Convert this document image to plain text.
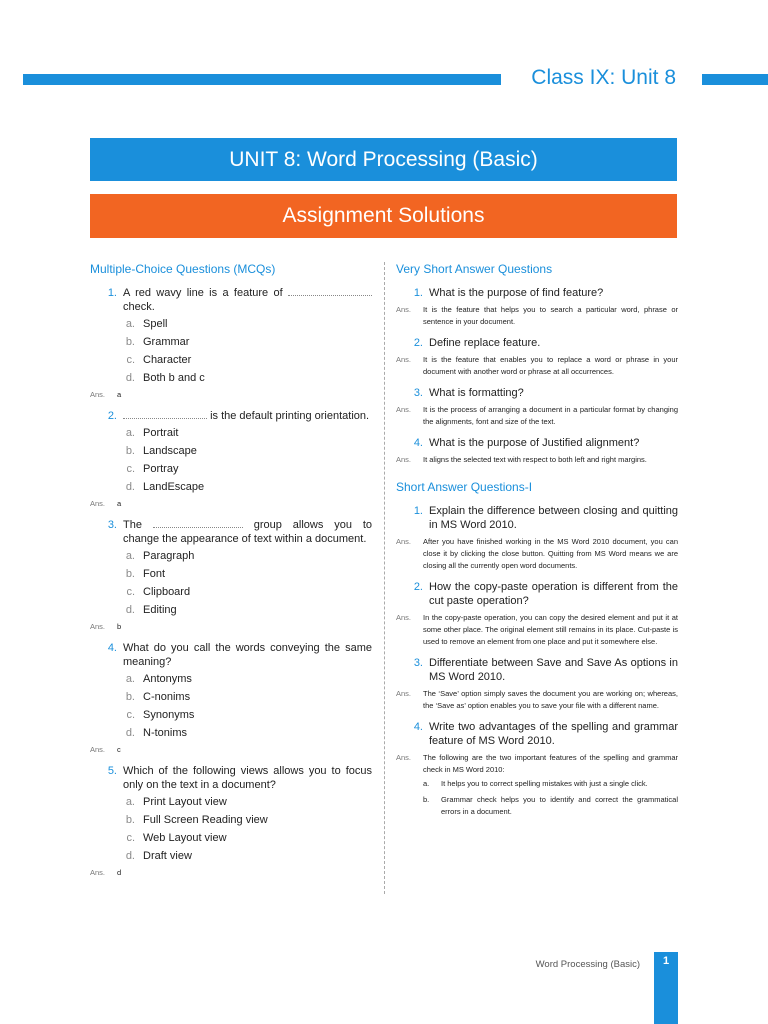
Class IX: Unit 8
UNIT 8: Word Processing (Basic)
Assignment Solutions
Multiple-Choice Questions (MCQs)
1. A red wavy line is a feature of  check.
a. Spell
b. Grammar
c. Character
d. Both b and c
Ans.	a
2.	is the default printing orientation.
a. Portrait
b. Landscape
c. Portray
d. LandEscape
Ans.	a
3. The	group allows you to change the appearance of text within a document.
a. Paragraph
b. Font
c. Clipboard
d. Editing
Ans.	b
4. What do you call the words conveying the same meaning?
a. Antonyms
b. C-nonims
c. Synonyms
d. N-tonims
Ans.	c
5. Which of the following views allows you to focus only on the text in a document?
a. Print Layout view
b. Full Screen Reading view
c. Web Layout view
d. Draft view
Ans.	d
Very Short Answer Questions
1. What is the purpose of find feature?
Ans.	It is the feature that helps you to search a particular word, phrase or sentence in your document.
2. Define replace feature.
Ans.	It is the feature that enables you to replace a word or phrase in your document with another word or phrase at all occurrences.
3. What is formatting?
Ans.	It is the process of arranging a document in a particular format by changing the alignments, font and size of the text.
4. What is the purpose of Justified alignment?
Ans.	It aligns the selected text with respect to both left and right margins.
Short Answer Questions-I
1. Explain the difference between closing and quitting in MS Word 2010.
Ans.	After you have finished working in the MS Word 2010 document, you can close it by clicking the close button. Quitting from MS Word means we are closing all the currently open word documents.
2. How the copy-paste operation is different from the cut paste operation?
Ans.	In the copy-paste operation, you can copy the desired element and put it at some other place. The original element still remains in its place. Cut-paste is used to remove an element from one place and put it somewhere else.
3. Differentiate between Save and Save As options in MS Word 2010.
Ans.	The ‘Save’ option simply saves the document you are working on; whereas, the ‘Save as’ option enables you to save your file with a different name.
4. Write two advantages of the spelling and grammar feature of MS Word 2010.
Ans.	The following are the two important features of the spelling and grammar check in MS Word 2010:
a.	It helps you to correct spelling mistakes with just a single click.
b.	Grammar check helps you to identify and correct the grammatical errors in a document.
Word Processing (Basic)	1
